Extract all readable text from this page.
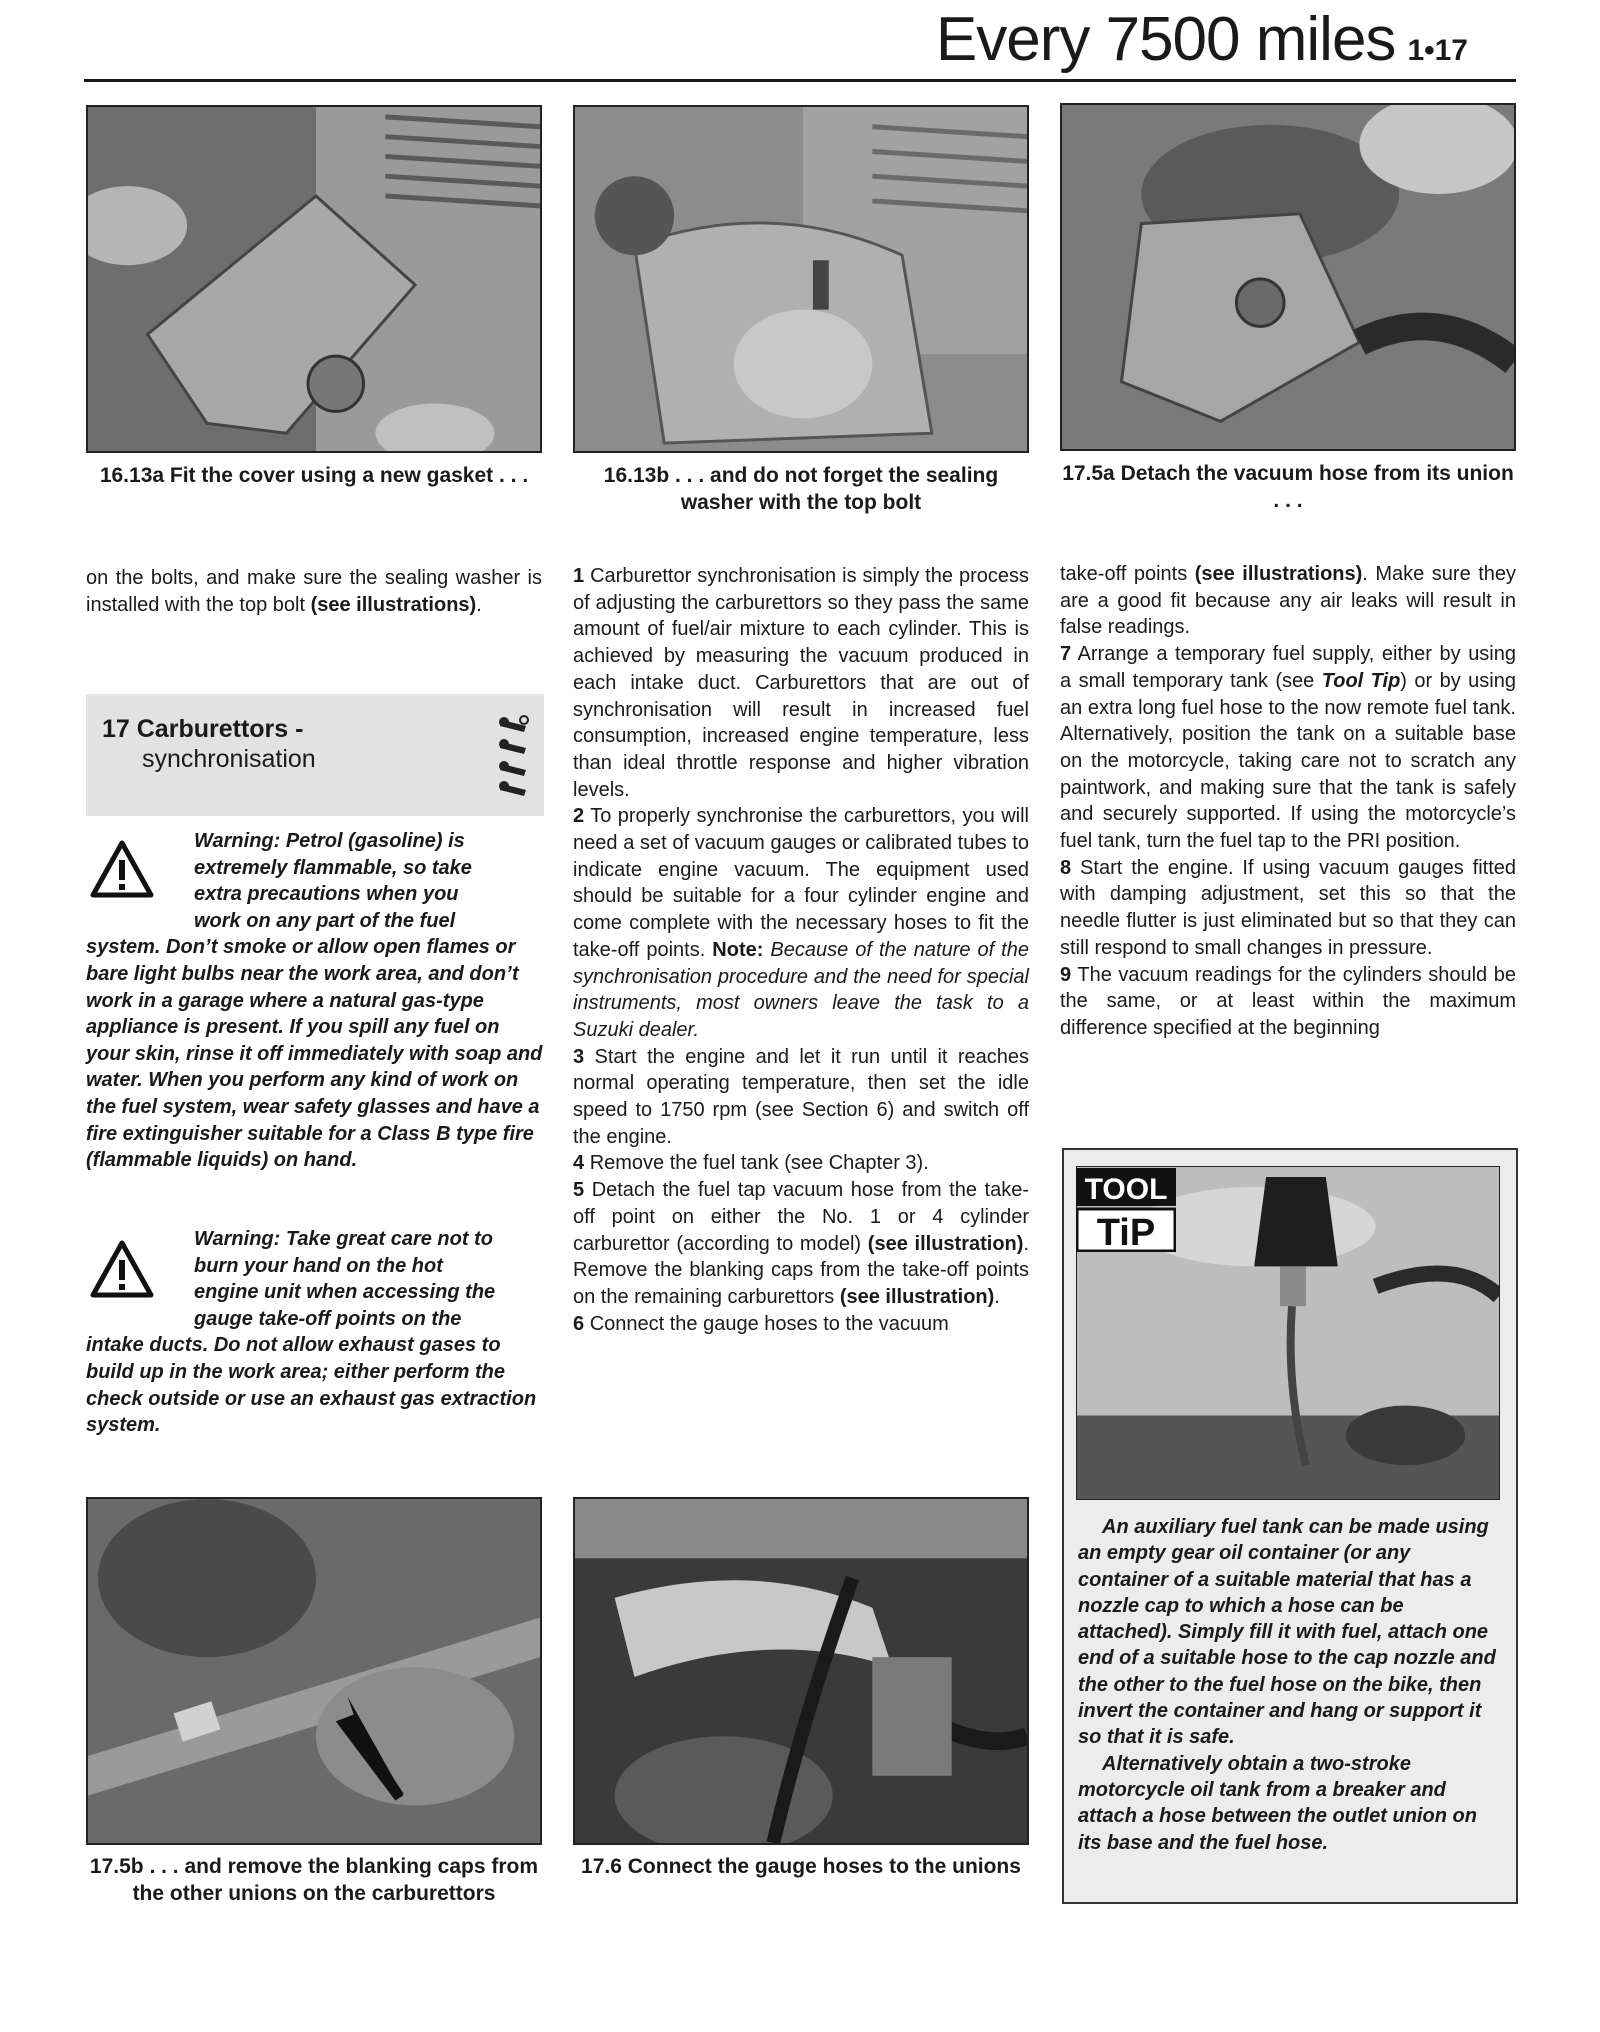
Every 7500 miles 1•17
16.13a Fit the cover using a new gasket . . .	16.13b . . . and do not forget the sealing washer with the top bolt
17.5a Detach the vacuum hose from its union . . .

on the bolts, and make sure the sealing washer is installed with the top bolt (see illustrations).

17 Carburettors -
synchronisation
Warning: Petrol (gasoline) is
extremely flammable, so take
extra precautions when you
work on any part of the fuel
system. Don’t smoke or allow open flames or bare light bulbs near the work area, and don’t work in a garage where a natural gas-type appliance is present. If you spill any fuel on your skin, rinse it off immediately with soap and water. When you perform any kind of work on the fuel system, wear safety glasses and have a fire extinguisher suitable for a Class B type fire (flammable liquids) on hand.
Warning: Take great care not to
burn your hand on the hot
engine unit when accessing the
gauge take-off points on the
intake ducts. Do not allow exhaust gases to build up in the work area; either perform the check outside or use an exhaust gas extraction system.

1 Carburettor synchronisation is simply the process of adjusting the carburettors so they pass the same amount of fuel/air mixture to each cylinder. This is achieved by measuring the vacuum produced in each intake duct. Carburettors that are out of synchronisation will result in increased fuel consumption, increased engine temperature, less than ideal throttle response and higher vibration levels.

2 To properly synchronise the carburettors, you will need a set of vacuum gauges or calibrated tubes to indicate engine vacuum. The equipment used should be suitable for a four cylinder engine and come complete with the necessary hoses to fit the take-off points. Note: Because of the nature of the synchronisation procedure and the need for special instruments, most owners leave the task to a Suzuki dealer.

3 Start the engine and let it run until it reaches normal operating temperature, then set the idle speed to 1750 rpm (see Section 6) and switch off the engine.

4 Remove the fuel tank (see Chapter 3).

5 Detach the fuel tap vacuum hose from the take-off point on either the No. 1 or 4 cylinder carburettor (according to model) (see illustration). Remove the blanking caps from the take-off points on the remaining carburettors (see illustration).

6 Connect the gauge hoses to the vacuum

take-off points (see illustrations). Make sure they are a good fit because any air leaks will result in false readings.

7 Arrange a temporary fuel supply, either by using a small temporary tank (see Tool Tip) or by using an extra long fuel hose to the now remote fuel tank. Alternatively, position the tank on a suitable base on the motorcycle, taking care not to scratch any paintwork, and making sure that the tank is safely and securely supported. If using the motorcycle’s fuel tank, turn the fuel tap to the PRI position.

8 Start the engine. If using vacuum gauges fitted with damping adjustment, set this so that the needle flutter is just eliminated but so that they can still respond to small changes in pressure.

9 The vacuum readings for the cylinders should be the same, or at least within the maximum difference specified at the beginning

TOOL
TiP

An auxiliary fuel tank can be made using an empty gear oil container (or any container of a suitable material that has a nozzle cap to which a hose can be attached). Simply fill it with fuel, attach one end of a suitable hose to the cap nozzle and the other to the fuel hose on the bike, then invert the container and hang or support it so that it is safe.

Alternatively obtain a two-stroke motorcycle oil tank from a breaker and attach a hose between the outlet union on its base and the fuel hose.

17.5b . . . and remove the blanking caps from the other unions on the carburettors
17.6 Connect the gauge hoses to the unions
